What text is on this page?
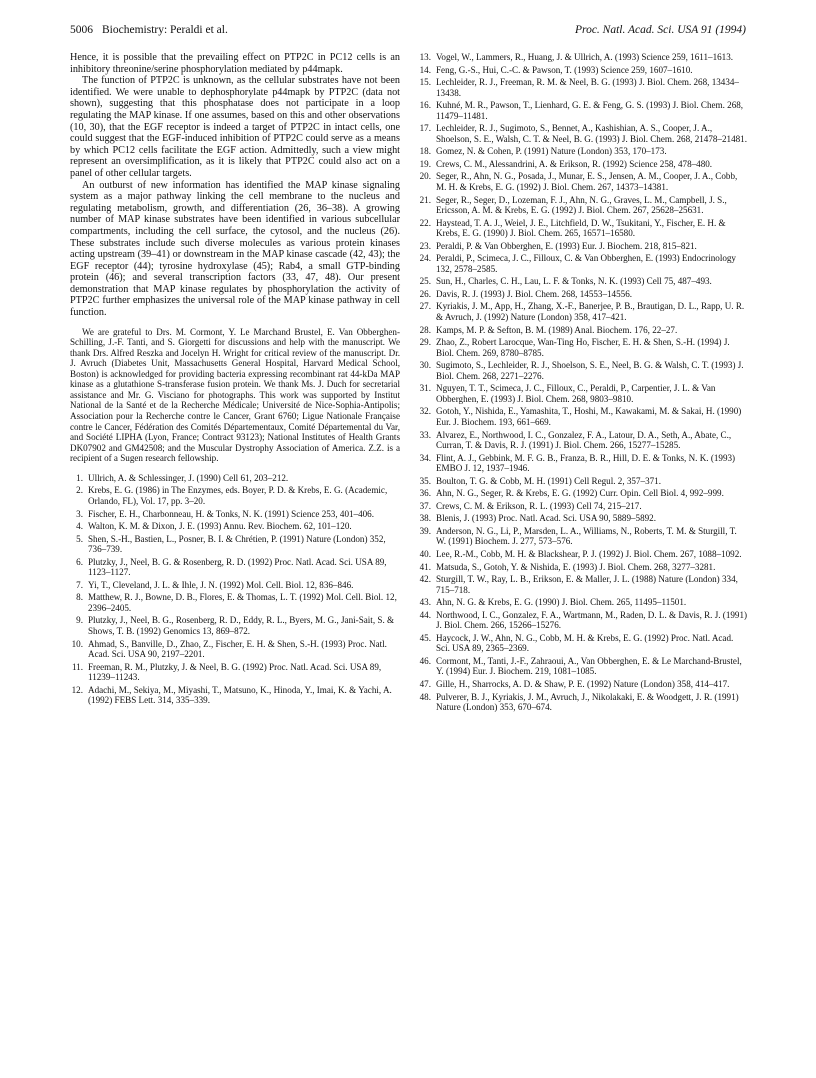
5006 Biochemistry: Peraldi et al.	Proc. Natl. Acad. Sci. USA 91 (1994)

Hence, it is possible that the prevailing effect on PTP2C in PC12 cells is an inhibitory threonine/serine phosphorylation mediated by p44mapk.

The function of PTP2C is unknown, as the cellular substrates have not been identified. We were unable to dephosphorylate p44mapk by PTP2C (data not shown), suggesting that this phosphatase does not participate in a loop regulating the MAP kinase. If one assumes, based on this and other observations (10, 30), that the EGF receptor is indeed a target of PTP2C in intact cells, one could suggest that the EGF-induced inhibition of PTP2C could serve as a means by which PC12 cells facilitate the EGF action. Admittedly, such a view might represent an oversimplification, as it is likely that PTP2C could also act on a panel of other cellular targets.

An outburst of new information has identified the MAP kinase signaling system as a major pathway linking the cell membrane to the nucleus and regulating metabolism, growth, and differentiation (26, 36–38). A growing number of MAP kinase substrates have been identified in various subcellular compartments, including the cell surface, the cytosol, and the nucleus (26). These substrates include such diverse molecules as various protein kinases acting upstream (39–41) or downstream in the MAP kinase cascade (42, 43); the EGF receptor (44); tyrosine hydroxylase (45); Rab4, a small GTP-binding protein (46); and several transcription factors (33, 47, 48). Our present demonstration that MAP kinase regulates by phosphorylation the activity of PTP2C further emphasizes the universal role of the MAP kinase pathway in cell function.

We are grateful to Drs. M. Cormont, Y. Le Marchand Brustel, E. Van Obberghen-Schilling, J.-F. Tanti, and S. Giorgetti for discussions and help with the manuscript. We thank Drs. Alfred Reszka and Jocelyn H. Wright for critical review of the manuscript. Dr. J. Avruch (Diabetes Unit, Massachusetts General Hospital, Harvard Medical School, Boston) is acknowledged for providing bacteria expressing recombinant rat 44-kDa MAP kinase as a glutathione S-transferase fusion protein. We thank Ms. J. Duch for secretarial assistance and Mr. G. Visciano for photographs. This work was supported by Institut National de la Santé et de la Recherche Médicale; Université de Nice-Sophia-Antipolis; Association pour la Recherche contre le Cancer, Grant 6760; Ligue Nationale Française contre le Cancer, Fédération des Comités Départementaux, Comité Départemental du Var, and Société LIPHA (Lyon, France; Contract 93123); National Institutes of Health Grants DK07902 and GM42508; and the Muscular Dystrophy Association of America. Z.Z. is a recipient of a Sugen research fellowship.

1. Ullrich, A. & Schlessinger, J. (1990) Cell 61, 203–212.
2. Krebs, E. G. (1986) in The Enzymes, eds. Boyer, P. D. & Krebs, E. G. (Academic, Orlando, FL), Vol. 17, pp. 3–20.
3. Fischer, E. H., Charbonneau, H. & Tonks, N. K. (1991) Science 253, 401–406.
4. Walton, K. M. & Dixon, J. E. (1993) Annu. Rev. Biochem. 62, 101–120.
5. Shen, S.-H., Bastien, L., Posner, B. I. & Chrétien, P. (1991) Nature (London) 352, 736–739.
6. Plutzky, J., Neel, B. G. & Rosenberg, R. D. (1992) Proc. Natl. Acad. Sci. USA 89, 1123–1127.
7. Yi, T., Cleveland, J. L. & Ihle, J. N. (1992) Mol. Cell. Biol. 12, 836–846.
8. Matthew, R. J., Bowne, D. B., Flores, E. & Thomas, L. T. (1992) Mol. Cell. Biol. 12, 2396–2405.
9. Plutzky, J., Neel, B. G., Rosenberg, R. D., Eddy, R. L., Byers, M. G., Jani-Sait, S. & Shows, T. B. (1992) Genomics 13, 869–872.
10. Ahmad, S., Banville, D., Zhao, Z., Fischer, E. H. & Shen, S.-H. (1993) Proc. Natl. Acad. Sci. USA 90, 2197–2201.
11. Freeman, R. M., Plutzky, J. & Neel, B. G. (1992) Proc. Natl. Acad. Sci. USA 89, 11239–11243.
12. Adachi, M., Sekiya, M., Miyashi, T., Matsuno, K., Hinoda, Y., Imai, K. & Yachi, A. (1992) FEBS Lett. 314, 335–339.
13. Vogel, W., Lammers, R., Huang, J. & Ullrich, A. (1993) Science 259, 1611–1613.
14. Feng, G.-S., Hui, C.-C. & Pawson, T. (1993) Science 259, 1607–1610.
15. Lechleider, R. J., Freeman, R. M. & Neel, B. G. (1993) J. Biol. Chem. 268, 13434–13438.
16. Kuhné, M. R., Pawson, T., Lienhard, G. E. & Feng, G. S. (1993) J. Biol. Chem. 268, 11479–11481.
17. Lechleider, R. J., Sugimoto, S., Bennet, A., Kashishian, A. S., Cooper, J. A., Shoelson, S. E., Walsh, C. T. & Neel, B. G. (1993) J. Biol. Chem. 268, 21478–21481.
18. Gomez, N. & Cohen, P. (1991) Nature (London) 353, 170–173.
19. Crews, C. M., Alessandrini, A. & Erikson, R. (1992) Science 258, 478–480.
20. Seger, R., Ahn, N. G., Posada, J., Munar, E. S., Jensen, A. M., Cooper, J. A., Cobb, M. H. & Krebs, E. G. (1992) J. Biol. Chem. 267, 14373–14381.
21. Seger, R., Seger, D., Lozeman, F. J., Ahn, N. G., Graves, L. M., Campbell, J. S., Ericsson, A. M. & Krebs, E. G. (1992) J. Biol. Chem. 267, 25628–25631.
22. Haystead, T. A. J., Weiel, J. E., Litchfield, D. W., Tsukitani, Y., Fischer, E. H. & Krebs, E. G. (1990) J. Biol. Chem. 265, 16571–16580.
23. Peraldi, P. & Van Obberghen, E. (1993) Eur. J. Biochem. 218, 815–821.
24. Peraldi, P., Scimeca, J. C., Filloux, C. & Van Obberghen, E. (1993) Endocrinology 132, 2578–2585.
25. Sun, H., Charles, C. H., Lau, L. F. & Tonks, N. K. (1993) Cell 75, 487–493.
26. Davis, R. J. (1993) J. Biol. Chem. 268, 14553–14556.
27. Kyriakis, J. M., App, H., Zhang, X.-F., Banerjee, P. B., Brautigan, D. L., Rapp, U. R. & Avruch, J. (1992) Nature (London) 358, 417–421.
28. Kamps, M. P. & Sefton, B. M. (1989) Anal. Biochem. 176, 22–27.
29. Zhao, Z., Robert Larocque, Wan-Ting Ho, Fischer, E. H. & Shen, S.-H. (1994) J. Biol. Chem. 269, 8780–8785.
30. Sugimoto, S., Lechleider, R. J., Shoelson, S. E., Neel, B. G. & Walsh, C. T. (1993) J. Biol. Chem. 268, 2271–2276.
31. Nguyen, T. T., Scimeca, J. C., Filloux, C., Peraldi, P., Carpentier, J. L. & Van Obberghen, E. (1993) J. Biol. Chem. 268, 9803–9810.
32. Gotoh, Y., Nishida, E., Yamashita, T., Hoshi, M., Kawakami, M. & Sakai, H. (1990) Eur. J. Biochem. 193, 661–669.
33. Alvarez, E., Northwood, I. C., Gonzalez, F. A., Latour, D. A., Seth, A., Abate, C., Curran, T. & Davis, R. J. (1991) J. Biol. Chem. 266, 15277–15285.
34. Flint, A. J., Gebbink, M. F. G. B., Franza, B. R., Hill, D. E. & Tonks, N. K. (1993) EMBO J. 12, 1937–1946.
35. Boulton, T. G. & Cobb, M. H. (1991) Cell Regul. 2, 357–371.
36. Ahn, N. G., Seger, R. & Krebs, E. G. (1992) Curr. Opin. Cell Biol. 4, 992–999.
37. Crews, C. M. & Erikson, R. L. (1993) Cell 74, 215–217.
38. Blenis, J. (1993) Proc. Natl. Acad. Sci. USA 90, 5889–5892.
39. Anderson, N. G., Li, P., Marsden, L. A., Williams, N., Roberts, T. M. & Sturgill, T. W. (1991) Biochem. J. 277, 573–576.
40. Lee, R.-M., Cobb, M. H. & Blackshear, P. J. (1992) J. Biol. Chem. 267, 1088–1092.
41. Matsuda, S., Gotoh, Y. & Nishida, E. (1993) J. Biol. Chem. 268, 3277–3281.
42. Sturgill, T. W., Ray, L. B., Erikson, E. & Maller, J. L. (1988) Nature (London) 334, 715–718.
43. Ahn, N. G. & Krebs, E. G. (1990) J. Biol. Chem. 265, 11495–11501.
44. Northwood, I. C., Gonzalez, F. A., Wartmann, M., Raden, D. L. & Davis, R. J. (1991) J. Biol. Chem. 266, 15266–15276.
45. Haycock, J. W., Ahn, N. G., Cobb, M. H. & Krebs, E. G. (1992) Proc. Natl. Acad. Sci. USA 89, 2365–2369.
46. Cormont, M., Tanti, J.-F., Zahraoui, A., Van Obberghen, E. & Le Marchand-Brustel, Y. (1994) Eur. J. Biochem. 219, 1081–1085.
47. Gille, H., Sharrocks, A. D. & Shaw, P. E. (1992) Nature (London) 358, 414–417.
48. Pulverer, B. J., Kyriakis, J. M., Avruch, J., Nikolakaki, E. & Woodgett, J. R. (1991) Nature (London) 353, 670–674.
